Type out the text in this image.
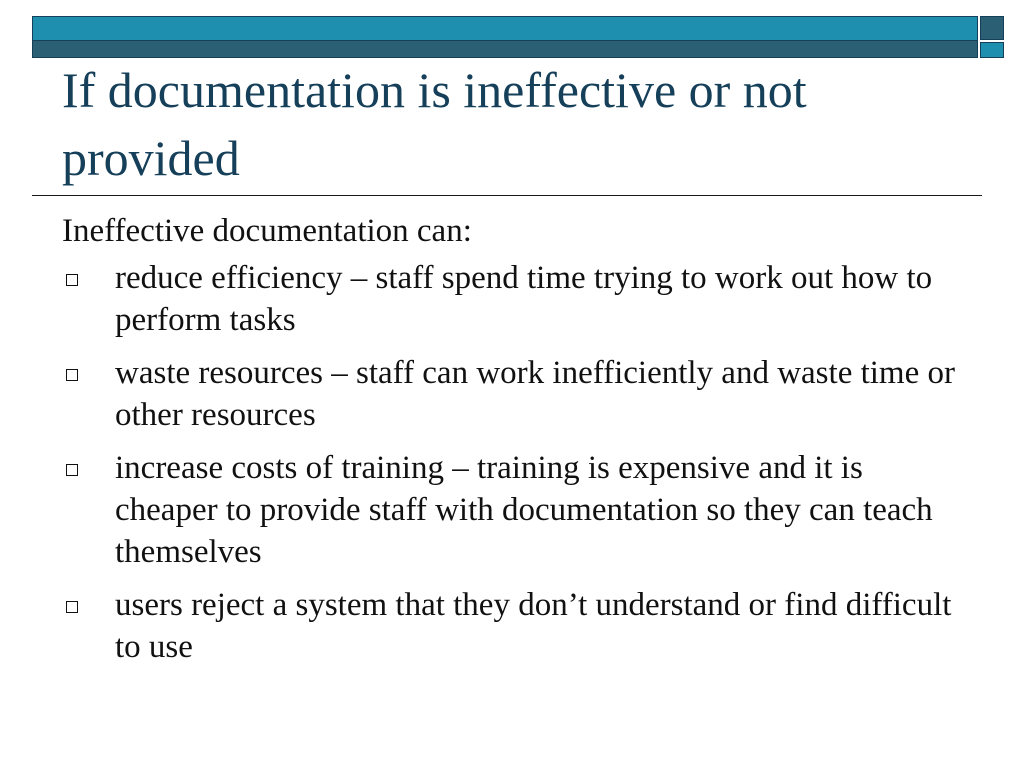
If documentation is ineffective or not provided

Ineffective documentation can:

reduce efficiency – staff spend time trying to work out how to perform tasks
waste resources – staff can work inefficiently and waste time or other resources
increase costs of training – training is expensive and it is cheaper to provide staff with documentation so they can teach themselves
users reject a system that they don’t understand or find difficult to use
